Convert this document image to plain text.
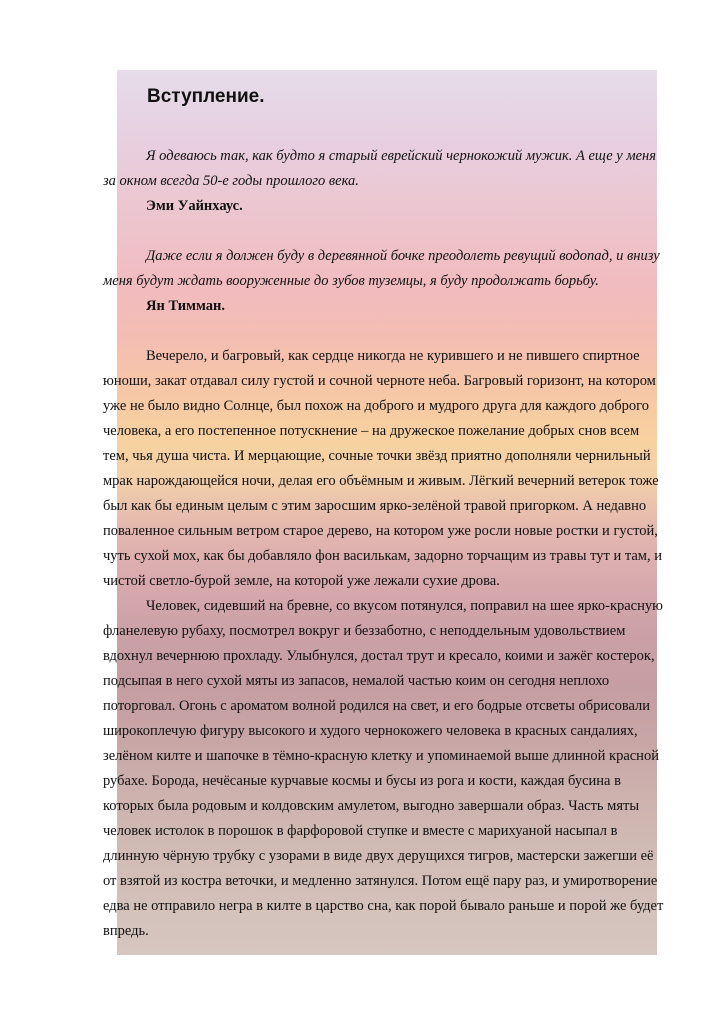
Вступление.
Я одеваюсь так, как будто я старый еврейский чернокожий мужик. А еще у меня
за окном всегда 50-е годы прошлого века.
Эми Уайнхаус.
Даже если я должен буду в деревянной бочке преодолеть ревущий водопад, и внизу
меня будут ждать вооруженные до зубов туземцы, я буду продолжать борьбу.
Ян Тимман.
Вечерело, и багровый, как сердце никогда не курившего и не пившего спиртное
юноши, закат отдавал силу густой и сочной черноте неба. Багровый горизонт, на котором
уже не было видно Солнце, был похож на доброго и мудрого друга для каждого доброго
человека, а его постепенное потускнение – на дружеское пожелание добрых снов всем
тем, чья душа чиста. И мерцающие, сочные точки звёзд приятно дополняли чернильный
мрак нарождающейся ночи, делая его объёмным и живым. Лёгкий вечерний ветерок тоже
был как бы единым целым с этим заросшим ярко-зелёной травой пригорком. А недавно
поваленное сильным ветром старое дерево, на котором уже росли новые ростки и густой,
чуть сухой мох, как бы добавляло фон василькам, задорно торчащим из травы тут и там, и
чистой светло-бурой земле, на которой уже лежали сухие дрова.
Человек, сидевший на бревне, со вкусом потянулся, поправил на шее ярко-красную
фланелевую рубаху, посмотрел вокруг и беззаботно, с неподдельным удовольствием
вдохнул вечернюю прохладу. Улыбнулся, достал трут и кресало, коими и зажёг костерок,
подсыпая в него сухой мяты из запасов, немалой частью коим он сегодня неплохо
поторговал. Огонь с ароматом волной родился на свет, и его бодрые отсветы обрисовали
широкоплечую фигуру высокого и худого чернокожего человека в красных сандалиях,
зелёном килте и шапочке в тёмно-красную клетку и упоминаемой выше длинной красной
рубахе. Борода, нечёсаные курчавые космы и бусы из рога и кости, каждая бусина в
которых была родовым и колдовским амулетом, выгодно завершали образ. Часть мяты
человек истолок в порошок в фарфоровой ступке и вместе с марихуаной насыпал в
длинную чёрную трубку с узорами в виде двух дерущихся тигров, мастерски зажегши её
от взятой из костра веточки, и медленно затянулся. Потом ещё пару раз, и умиротворение
едва не отправило негра в килте в царство сна, как порой бывало раньше и порой же будет
впредь.
